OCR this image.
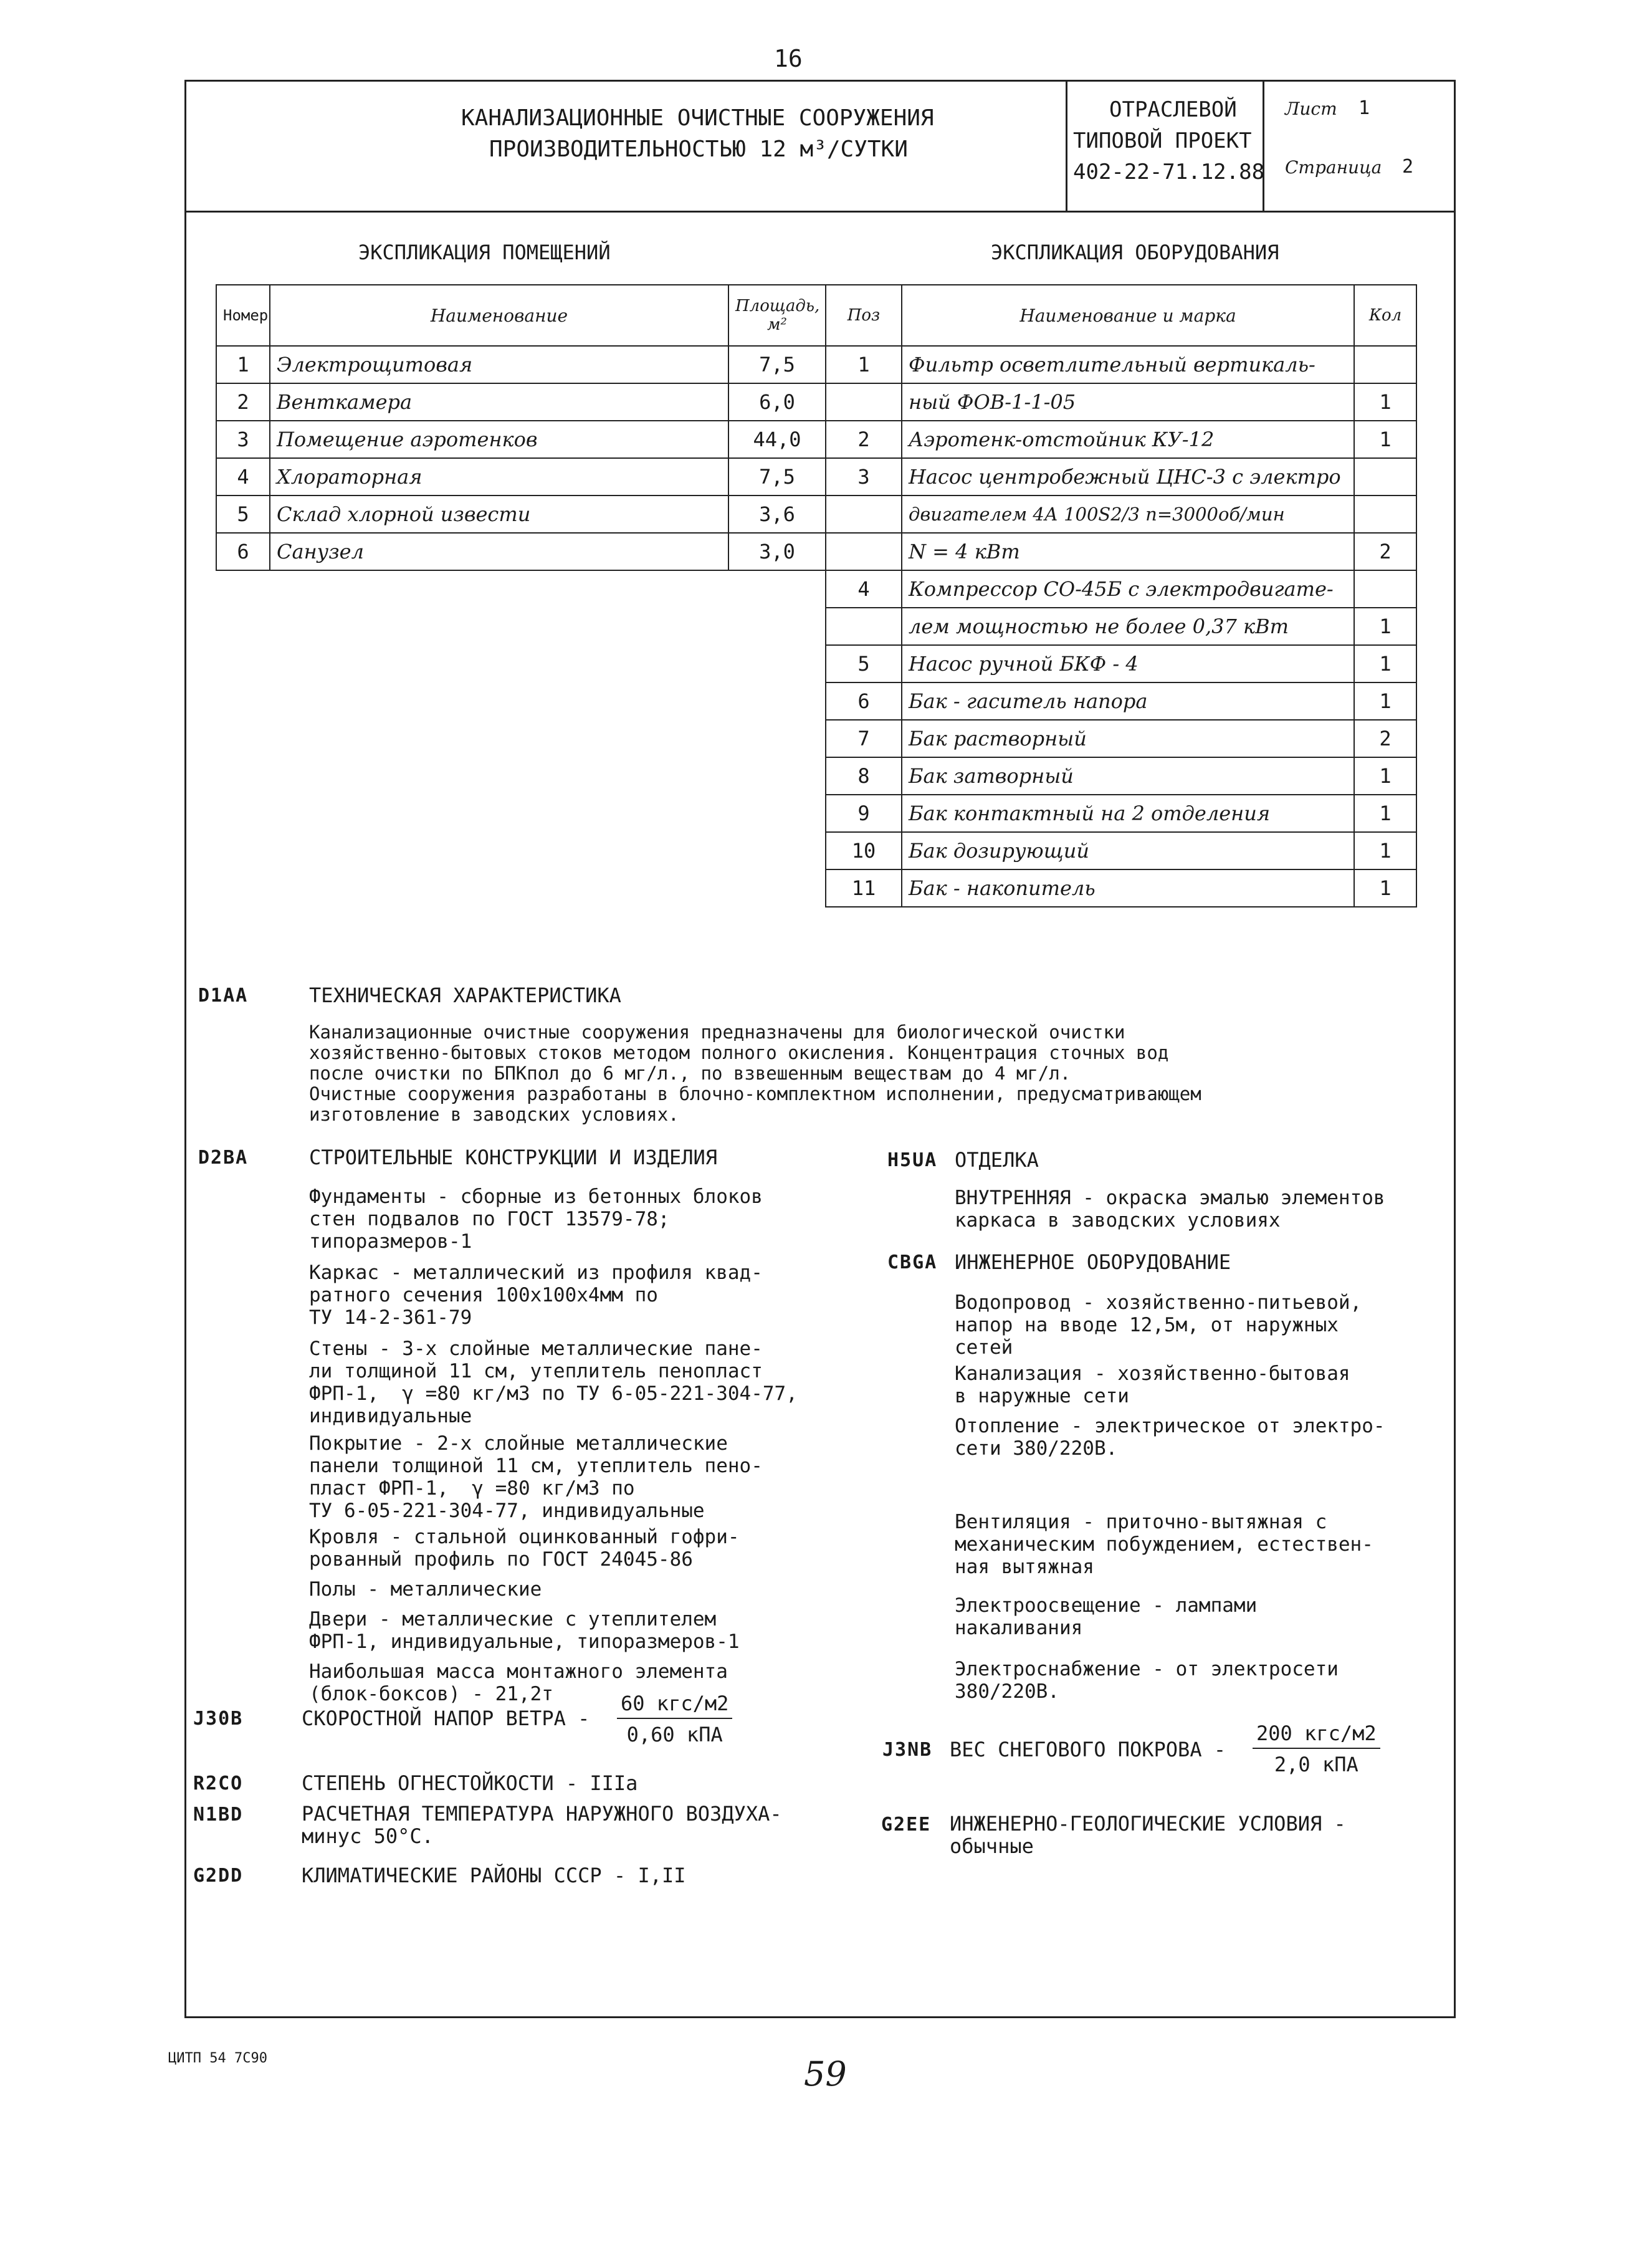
16
КАНАЛИЗАЦИОННЫЕ ОЧИСТНЫЕ СООРУЖЕНИЯ
ПРОИЗВОДИТЕЛЬНОСТЬЮ 12 м³/СУТКИ
ОТРАСЛЕВОЙ
ТИПОВОЙ ПРОЕКТ
402-22-71.12.88
Лист 1
Страница 2
ЭКСПЛИКАЦИЯ ПОМЕЩЕНИЙ	ЭКСПЛИКАЦИЯ ОБОРУДОВАНИЯ
Номер	Наименование	Площадь, м²
1	Электрощитовая	7,5
2	Венткамера	6,0
3	Помещение аэротенков	44,0
4	Хлораторная	7,5
5	Склад хлорной извести	3,6
6	Санузел	3,0
Поз	Наименование и марка	Кол
1	Фильтр осветлительный вертикаль-	
	ный ФОВ-1-1-05	1
2	Аэротенк-отстойник КУ-12	1
3	Насос центробежный ЦНС-3 с электро	
	двигателем 4А 100S2/3 n=3000об/мин	
	N = 4 кВт	2
4	Компрессор СО-45Б с электродвигате-	
	лем мощностью не более 0,37 кВт	1
5	Насос ручной БКФ - 4	1
6	Бак - гаситель напора	1
7	Бак растворный	2
8	Бак затворный	1
9	Бак контактный на 2 отделения	1
10	Бак дозирующий	1
11	Бак - накопитель	1
D1AA	ТЕХНИЧЕСКАЯ ХАРАКТЕРИСТИКА
Канализационные очистные сооружения предназначены для биологической очистки
хозяйственно-бытовых стоков методом полного окисления. Концентрация сточных вод
после очистки по БПКпол до 6 мг/л., по взвешенным веществам до 4 мг/л.
Очистные сооружения разработаны в блочно-комплектном исполнении, предусматривающем
изготовление в заводских условиях.
D2BA	СТРОИТЕЛЬНЫЕ КОНСТРУКЦИИ И ИЗДЕЛИЯ
Фундаменты - сборные из бетонных блоков
стен подвалов по ГОСТ 13579-78;
типоразмеров-1
Каркас - металлический из профиля квад-
ратного сечения 100х100х4мм по
ТУ 14-2-361-79
Стены - 3-х слойные металлические пане-
ли толщиной 11 см, утеплитель пенопласт
ФРП-1,  γ =80 кг/м3 по ТУ 6-05-221-304-77,
индивидуальные
Покрытие - 2-х слойные металлические
панели толщиной 11 см, утеплитель пено-
пласт ФРП-1,  γ =80 кг/м3 по
ТУ 6-05-221-304-77, индивидуальные
Кровля - стальной оцинкованный гофри-
рованный профиль по ГОСТ 24045-86
Полы - металлические
Двери - металлические с утеплителем
ФРП-1, индивидуальные, типоразмеров-1
Наибольшая масса монтажного элемента
(блок-боксов) - 21,2т
J30B	СКОРОСТНОЙ НАПОР ВЕТРА -
60 кгс/м2
0,60 кПА
R2CO	СТЕПЕНЬ ОГНЕСТОЙКОСТИ - IIIа
N1BD	РАСЧЕТНАЯ ТЕМПЕРАТУРА НАРУЖНОГО ВОЗДУХА-
минус 50°С.
G2DD	КЛИМАТИЧЕСКИЕ РАЙОНЫ СССР - I,II
H5UA ОТДЕЛКА
ВНУТРЕННЯЯ - окраска эмалью элементов
каркаса в заводских условиях
CBGA ИНЖЕНЕРНОЕ ОБОРУДОВАНИЕ
Водопровод - хозяйственно-питьевой,
напор на вводе 12,5м, от наружных
сетей
Канализация - хозяйственно-бытовая
в наружные сети
Отопление - электрическое от электро-
сети 380/220В.
Вентиляция - приточно-вытяжная с
механическим побуждением, естествен-
ная вытяжная
Электроосвещение - лампами
накаливания
Электроснабжение - от электросети
380/220В.
J3NB ВЕС СНЕГОВОГО ПОКРОВА -
200 кгс/м2
2,0 кПА
G2EE ИНЖЕНЕРНО-ГЕОЛОГИЧЕСКИЕ УСЛОВИЯ -
обычные
ЦИТП 54 7С90	59
